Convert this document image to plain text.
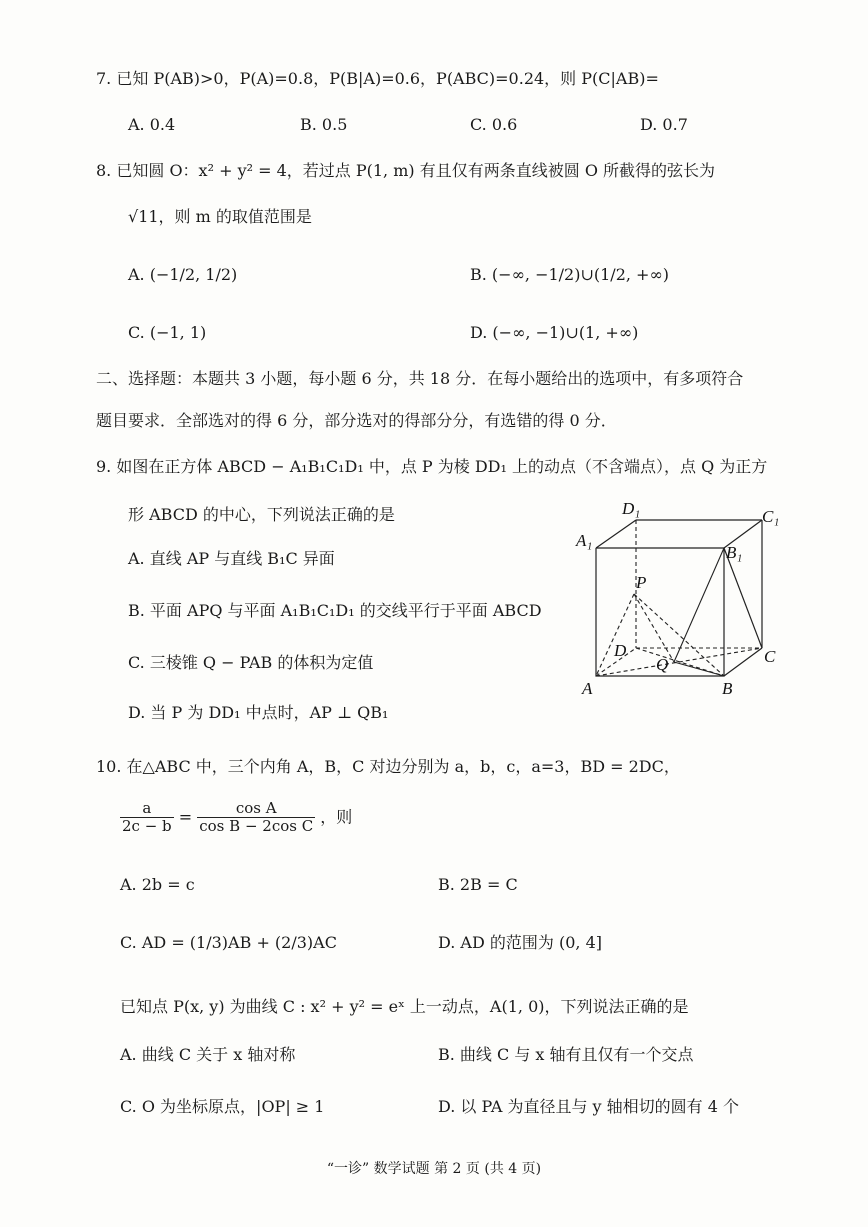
7. 已知 P(AB)>0，P(A)=0.8，P(B|A)=0.6，P(ABC)=0.24，则 P(C|AB)=
A. 0.4	B. 0.5	C. 0.6	D. 0.7
8. 已知圆 O：x² + y² = 4，若过点 P(1, m) 有且仅有两条直线被圆 O 所截得的弦长为
√11，则 m 的取值范围是
A. (−1/2, 1/2)	B. (−∞, −1/2)∪(1/2, +∞)
C. (−1, 1)	D. (−∞, −1)∪(1, +∞)
二、选择题：本题共 3 小题，每小题 6 分，共 18 分．在每小题给出的选项中，有多项符合
题目要求．全部选对的得 6 分，部分选对的得部分分，有选错的得 0 分．
9. 如图在正方体 ABCD − A₁B₁C₁D₁ 中，点 P 为棱 DD₁ 上的动点（不含端点），点 Q 为正方
形 ABCD 的中心，下列说法正确的是
A. 直线 AP 与直线 B₁C 异面
B. 平面 APQ 与平面 A₁B₁C₁D₁ 的交线平行于平面 ABCD
C. 三棱锥 Q − PAB 的体积为定值
D. 当 P 为 DD₁ 中点时，AP ⊥ QB₁
D₁	C₁
A₁
B₁
P
D
Q	C
A	B
10. 在△ABC 中，三个内角 A，B，C 对边分别为 a，b，c，a=3，BD = 2DC，
$\frac{a}{2c - b} = \frac{\text{cos A}}{\text{cos B − 2cos C}}$ ，则
A. 2b = c	B. 2B = C
C. AD = (1/3)AB + (2/3)AC	D. AD 的范围为 (0, 4]
已知点 P(x, y) 为曲线 C : x² + y² = eˣ 上一动点，A(1, 0)，下列说法正确的是
A. 曲线 C 关于 x 轴对称	B. 曲线 C 与 x 轴有且仅有一个交点
C. O 为坐标原点，|OP| ≥ 1	D. 以 PA 为直径且与 y 轴相切的圆有 4 个
“一诊” 数学试题 第 2 页 (共 4 页)
